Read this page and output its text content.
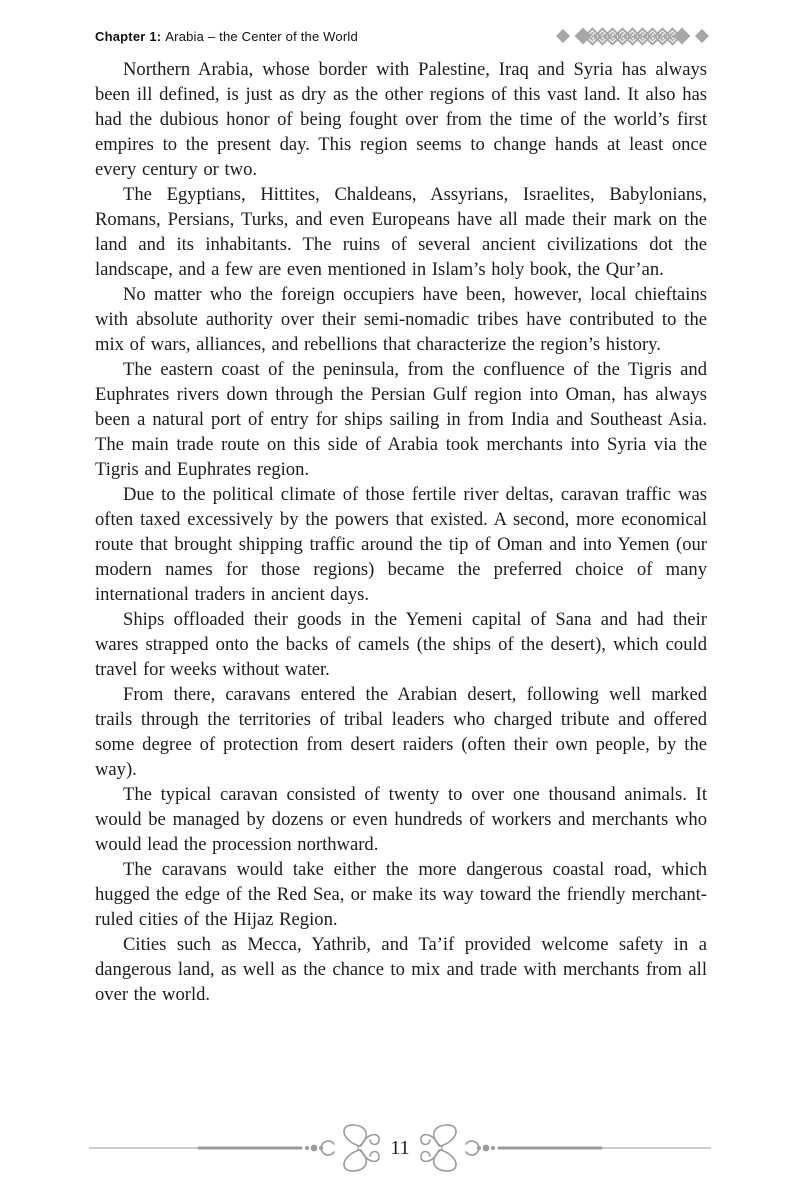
Chapter 1: Arabia – the Center of the World

Northern Arabia, whose border with Palestine, Iraq and Syria has always been ill defined, is just as dry as the other regions of this vast land. It also has had the dubious honor of being fought over from the time of the world’s first empires to the present day. This region seems to change hands at least once every century or two.

The Egyptians, Hittites, Chaldeans, Assyrians, Israelites, Babylonians, Romans, Persians, Turks, and even Europeans have all made their mark on the land and its inhabitants. The ruins of several ancient civilizations dot the landscape, and a few are even mentioned in Islam’s holy book, the Qur’an.

No matter who the foreign occupiers have been, however, local chieftains with absolute authority over their semi-nomadic tribes have contributed to the mix of wars, alliances, and rebellions that characterize the region’s history.

The eastern coast of the peninsula, from the confluence of the Tigris and Euphrates rivers down through the Persian Gulf region into Oman, has always been a natural port of entry for ships sailing in from India and Southeast Asia. The main trade route on this side of Arabia took merchants into Syria via the Tigris and Euphrates region.

Due to the political climate of those fertile river deltas, caravan traffic was often taxed excessively by the powers that existed. A second, more economical route that brought shipping traffic around the tip of Oman and into Yemen (our modern names for those regions) became the preferred choice of many international traders in ancient days.

Ships offloaded their goods in the Yemeni capital of Sana and had their wares strapped onto the backs of camels (the ships of the desert), which could travel for weeks without water.

From there, caravans entered the Arabian desert, following well marked trails through the territories of tribal leaders who charged tribute and offered some degree of protection from desert raiders (often their own people, by the way).

The typical caravan consisted of twenty to over one thousand animals. It would be managed by dozens or even hundreds of workers and merchants who would lead the procession northward.

The caravans would take either the more dangerous coastal road, which hugged the edge of the Red Sea, or make its way toward the friendly merchant-ruled cities of the Hijaz Region.

Cities such as Mecca, Yathrib, and Ta’if provided welcome safety in a dangerous land, as well as the chance to mix and trade with merchants from all over the world.

11
